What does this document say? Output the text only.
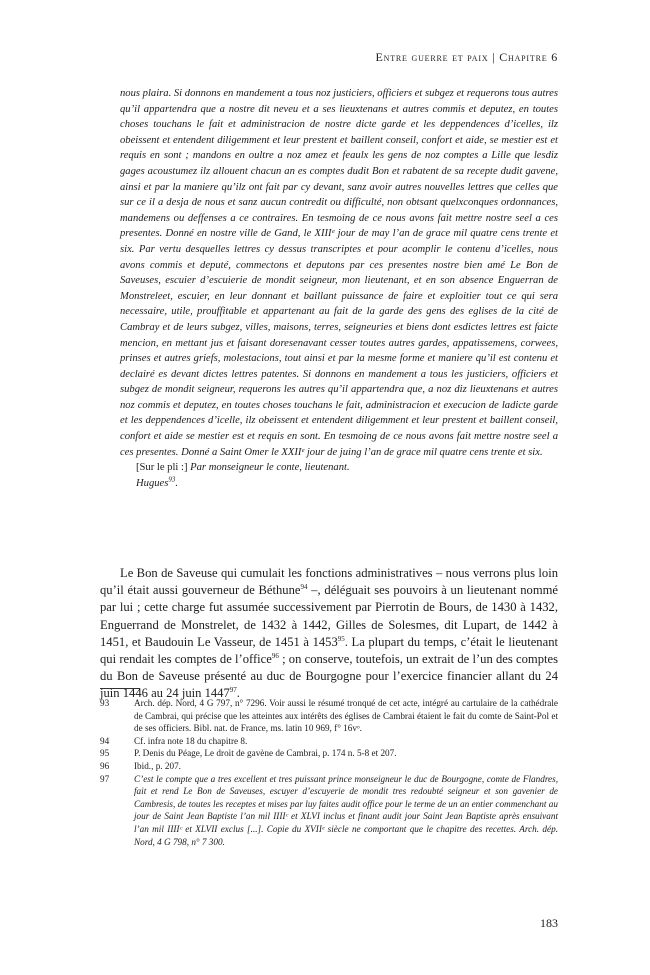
Entre guerre et paix | Chapitre 6

nous plaira. Si donnons en mandement a tous noz justiciers, officiers et subgez et requerons tous autres qu’il appartendra que a nostre dit neveu et a ses lieuxtenans et autres commis et deputez, en toutes choses touchans le fait et administracion de nostre dicte garde et les deppendences d’icelles, ilz obeissent et entendent diligemment et leur prestent et baillent conseil, confort et aide, se mestier est et requis en sont ; mandons en oultre a noz amez et feaulx les gens de noz comptes a Lille que lesdiz gages acoustumez ilz allouent chacun an es comptes dudit Bon et rabatent de sa recepte dudit gavene, ainsi et par la maniere qu’ilz ont fait par cy devant, sanz avoir autres nouvelles lettres que celles que sur ce il a desja de nous et sanz aucun contredit ou difficulté, non obtsant quelxconques ordonnances, mandemens ou deffenses a ce contraires. En tesmoing de ce nous avons fait mettre nostre seel a ces presentes. Donné en nostre ville de Gand, le XIIIᵉ jour de may l’an de grace mil quatre cens trente et six. Par vertu desquelles lettres cy dessus transcriptes et pour acomplir le contenu d’icelles, nous avons commis et deputé, commectons et deputons par ces presentes nostre bien amé Le Bon de Saveuses, escuier d’escuierie de mondit seigneur, mon lieutenant, et en son absence Enguerran de Monstreleet, escuier, en leur donnant et baillant puissance de faire et exploitier tout ce qui sera necessaire, utile, prouffitable et appartenant au fait de la garde des gens des eglises de la cité de Cambray et de leurs subgez, villes, maisons, terres, seigneuries et biens dont esdictes lettres est faicte mencion, en mettant jus et faisant doresenavant cesser toutes autres gardes, appatissemens, corwees, prinses et autres griefs, molestacions, tout ainsi et par la mesme forme et maniere qu’il est contenu et declairé es devant dictes lettres patentes. Si donnons en mandement a tous les justiciers, officiers et subgez de mondit seigneur, requerons les autres qu’il appartendra que, a noz diz lieuxtenans et autres noz commis et deputez, en toutes choses touchans le fait, administracion et execucion de ladicte garde et les deppendences d’icelle, ilz obeissent et entendent diligemment et leur prestent et baillent conseil, confort et aide se mestier est et requis en sont. En tesmoing de ce nous avons fait mettre nostre seel a ces presentes. Donné a Saint Omer le XXIIᵉ jour de juing l’an de grace mil quatre cens trente et six.

[Sur le pli :] Par monseigneur le conte, lieutenant.

Hugues$^{93}$.

Le Bon de Saveuse qui cumulait les fonctions administratives – nous verrons plus loin qu’il était aussi gouverneur de Béthune$^{94}$ –, déléguait ses pouvoirs à un lieutenant nommé par lui ; cette charge fut assumée successivement par Pierrotin de Bours, de 1430 à 1432, Enguerrand de Monstrelet, de 1432 à 1442, Gilles de Solesmes, dit Lupart, de 1442 à 1451, et Baudouin Le Vasseur, de 1451 à 1453$^{95}$. La plupart du temps, c’était le lieutenant qui rendait les comptes de l’office$^{96}$ ; on conserve, toutefois, un extrait de l’un des comptes du Bon de Saveuse présenté au duc de Bourgogne pour l’exercice financier allant du 24 juin 1446 au 24 juin 1447$^{97}$.

93	Arch. dép. Nord, 4 G 797, n° 7296. Voir aussi le résumé tronqué de cet acte, intégré au cartulaire de la cathédrale de Cambrai, qui précise que les atteintes aux intérêts des églises de Cambrai étaient le fait du comte de Saint-Pol et de ses officiers. Bibl. nat. de France, ms. latin 10 969, f° 16vᵒ.
94	Cf. infra note 18 du chapitre 8.
95	P. Denis du Péage, Le droit de gavène de Cambrai, p. 174 n. 5-8 et 207.
96	Ibid., p. 207.
97	C’est le compte que a tres excellent et tres puissant prince monseigneur le duc de Bourgogne, comte de Flandres, fait et rend Le Bon de Saveuses, escuyer d’escuyerie de mondit tres redoubté seigneur et son gavenier de Cambresis, de toutes les receptes et mises par luy faites audit office pour le terme de un an entier commenchant au jour de Saint Jean Baptiste l’an mil IIIIᶜ et XLVI inclus et finant audit jour Saint Jean Baptiste après ensuivant l’an mil IIIIᶜ et XLVII exclus [...]. Copie du XVIIᵉ siècle ne comportant que le chapitre des recettes. Arch. dép. Nord, 4 G 798, n° 7 300.
183
